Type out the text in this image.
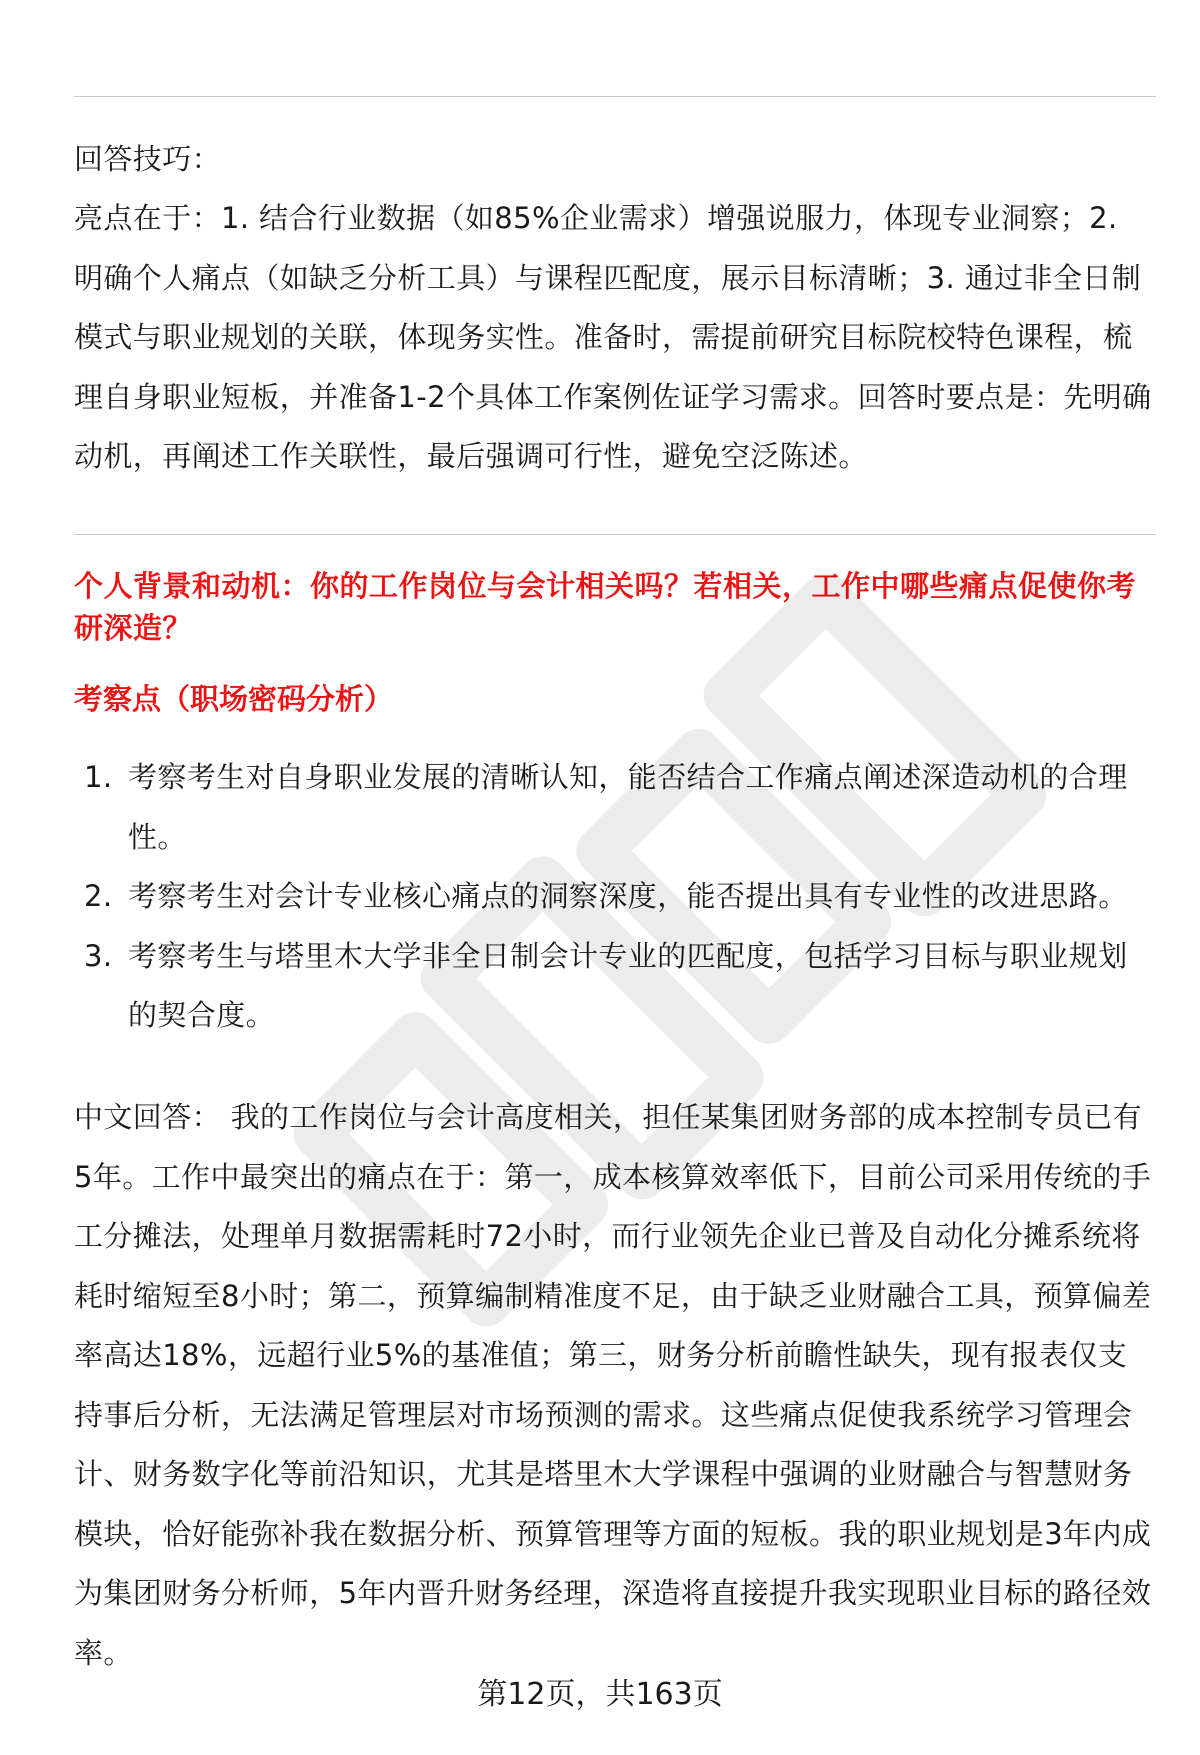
回答技巧：

亮点在于：1. 结合行业数据（如85%企业需求）增强说服力，体现专业洞察；2. 明确个人痛点（如缺乏分析工具）与课程匹配度，展示目标清晰；3. 通过非全日制模式与职业规划的关联，体现务实性。准备时，需提前研究目标院校特色课程，梳理自身职业短板，并准备1-2个具体工作案例佐证学习需求。回答时要点是：先明确动机，再阐述工作关联性，最后强调可行性，避免空泛陈述。

个人背景和动机：你的工作岗位与会计相关吗？若相关，工作中哪些痛点促使你考研深造？
考察点（职场密码分析）
1. 考察考生对自身职业发展的清晰认知，能否结合工作痛点阐述深造动机的合理性。
2. 考察考生对会计专业核心痛点的洞察深度，能否提出具有专业性的改进思路。
3. 考察考生与塔里木大学非全日制会计专业的匹配度，包括学习目标与职业规划的契合度。

中文回答： 我的工作岗位与会计高度相关，担任某集团财务部的成本控制专员已有5年。工作中最突出的痛点在于：第一，成本核算效率低下，目前公司采用传统的手工分摊法，处理单月数据需耗时72小时，而行业领先企业已普及自动化分摊系统将耗时缩短至8小时；第二，预算编制精准度不足，由于缺乏业财融合工具，预算偏差率高达18%，远超行业5%的基准值；第三，财务分析前瞻性缺失，现有报表仅支持事后分析，无法满足管理层对市场预测的需求。这些痛点促使我系统学习管理会计、财务数字化等前沿知识，尤其是塔里木大学课程中强调的业财融合与智慧财务模块，恰好能弥补我在数据分析、预算管理等方面的短板。我的职业规划是3年内成为集团财务分析师，5年内晋升财务经理，深造将直接提升我实现职业目标的路径效率。

第12页，共163页
